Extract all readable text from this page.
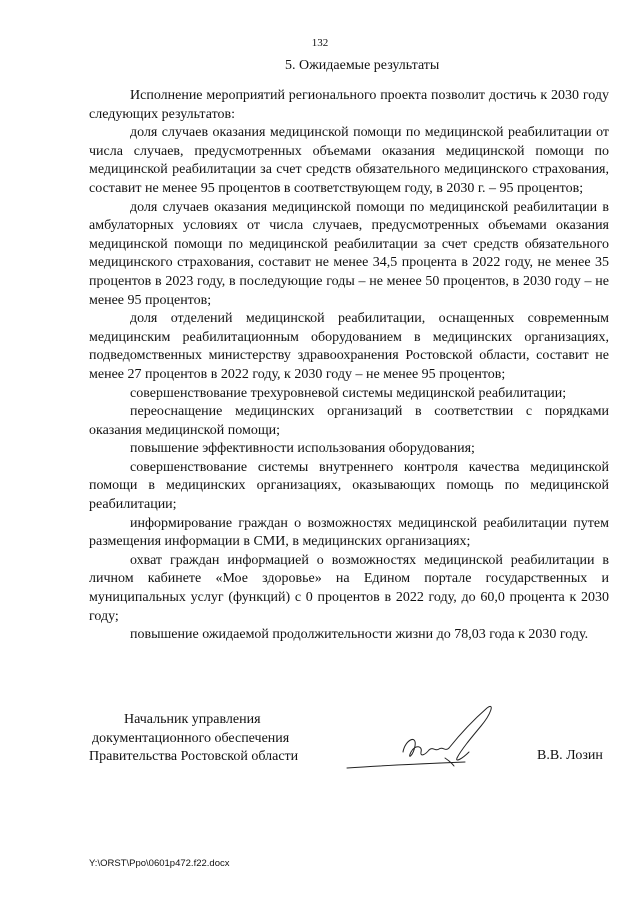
132
5. Ожидаемые результаты

Исполнение мероприятий регионального проекта позволит достичь к 2030 году следующих результатов:

доля случаев оказания медицинской помощи по медицинской реабилитации от числа случаев, предусмотренных объемами оказания медицинской помощи по медицинской реабилитации за счет средств обязательного медицинского страхования, составит не менее 95 процентов в соответствующем году, в 2030 г. – 95 процентов;

доля случаев оказания медицинской помощи по медицинской реабилитации в амбулаторных условиях от числа случаев, предусмотренных объемами оказания медицинской помощи по медицинской реабилитации за счет средств обязательного медицинского страхования, составит не менее 34,5 процента в 2022 году, не менее 35 процентов в 2023 году, в последующие годы – не менее 50 процентов, в 2030 году – не менее 95 процентов;

доля отделений медицинской реабилитации, оснащенных современным медицинским реабилитационным оборудованием в медицинских организациях, подведомственных министерству здравоохранения Ростовской области, составит не менее 27 процентов в 2022 году, к 2030 году – не менее 95 процентов;

совершенствование трехуровневой системы медицинской реабилитации;

переоснащение медицинских организаций в соответствии с порядками оказания медицинской помощи;

повышение эффективности использования оборудования;

совершенствование системы внутреннего контроля качества медицинской помощи в медицинских организациях, оказывающих помощь по медицинской реабилитации;

информирование граждан о возможностях медицинской реабилитации путем размещения информации в СМИ, в медицинских организациях;

охват граждан информацией о возможностях медицинской реабилитации в личном кабинете «Мое здоровье» на Едином портале государственных и муниципальных услуг (функций) с 0 процентов в 2022 году, до 60,0 процента к 2030 году;

повышение ожидаемой продолжительности жизни до 78,03 года к 2030 году.

Начальник управления
документационного обеспечения
Правительства Ростовской области	В.В. Лозин
Y:\ORST\Ppo\0601p472.f22.docx
